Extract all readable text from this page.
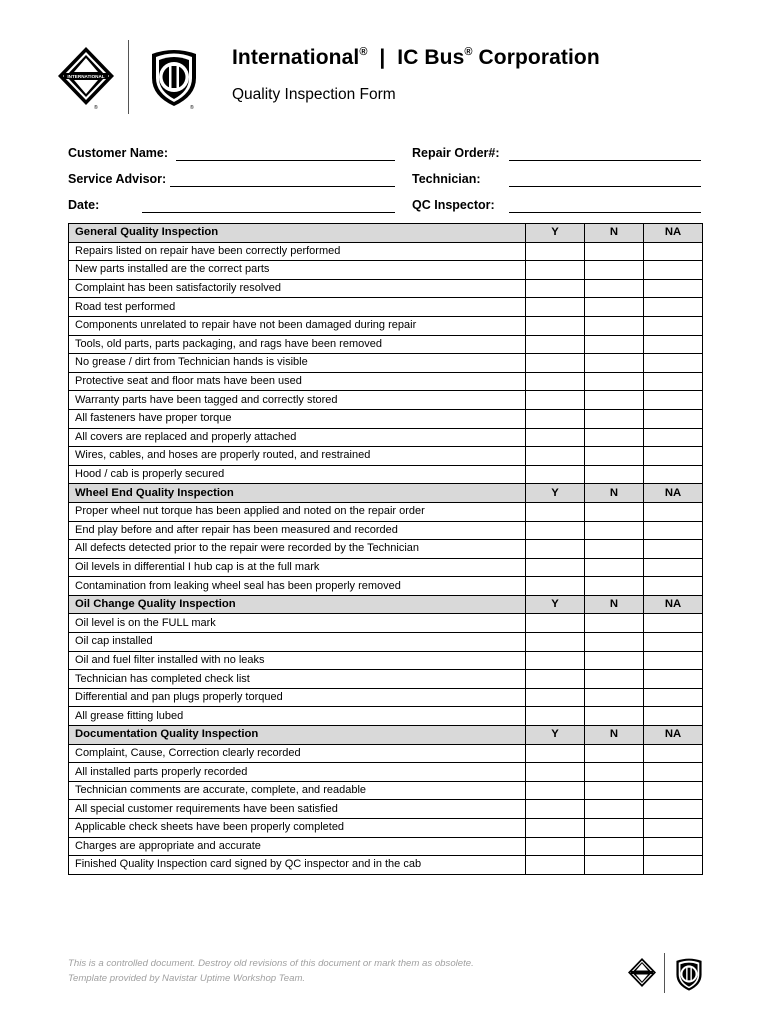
INTERNATIONAL
®	®
International® | IC Bus® Corporation
Quality Inspection Form
Customer Name:	Repair Order#:
Service Advisor:	Technician:
Date:	QC Inspector:
General Quality Inspection	Y	N	NA
Repairs listed on repair have been correctly performed			
New parts installed are the correct parts			
Complaint has been satisfactorily resolved			
Road test performed			
Components unrelated to repair have not been damaged during repair			
Tools, old parts, parts packaging, and rags have been removed			
No grease / dirt from Technician hands is visible			
Protective seat and floor mats have been used			
Warranty parts have been tagged and correctly stored			
All fasteners have proper torque			
All covers are replaced and properly attached			
Wires, cables, and hoses are properly routed, and restrained			
Hood / cab is properly secured			
Wheel End Quality Inspection	Y	N	NA
Proper wheel nut torque has been applied and noted on the repair order			
End play before and after repair has been measured and recorded			
All defects detected prior to the repair were recorded by the Technician			
Oil levels in differential I hub cap is at the full mark			
Contamination from leaking wheel seal has been properly removed			
Oil Change Quality Inspection	Y	N	NA
Oil level is on the FULL mark			
Oil cap installed			
Oil and fuel filter installed with no leaks			
Technician has completed check list			
Differential and pan plugs properly torqued			
All grease fitting lubed			
Documentation Quality Inspection	Y	N	NA
Complaint, Cause, Correction clearly recorded			
All installed parts properly recorded			
Technician comments are accurate, complete, and readable			
All special customer requirements have been satisfied			
Applicable check sheets have been properly completed			
Charges are appropriate and accurate			
Finished Quality Inspection card signed by QC inspector and in the cab			
This is a controlled document. Destroy old revisions of this document or mark them as obsolete.
Template provided by Navistar Uptime Workshop Team.
